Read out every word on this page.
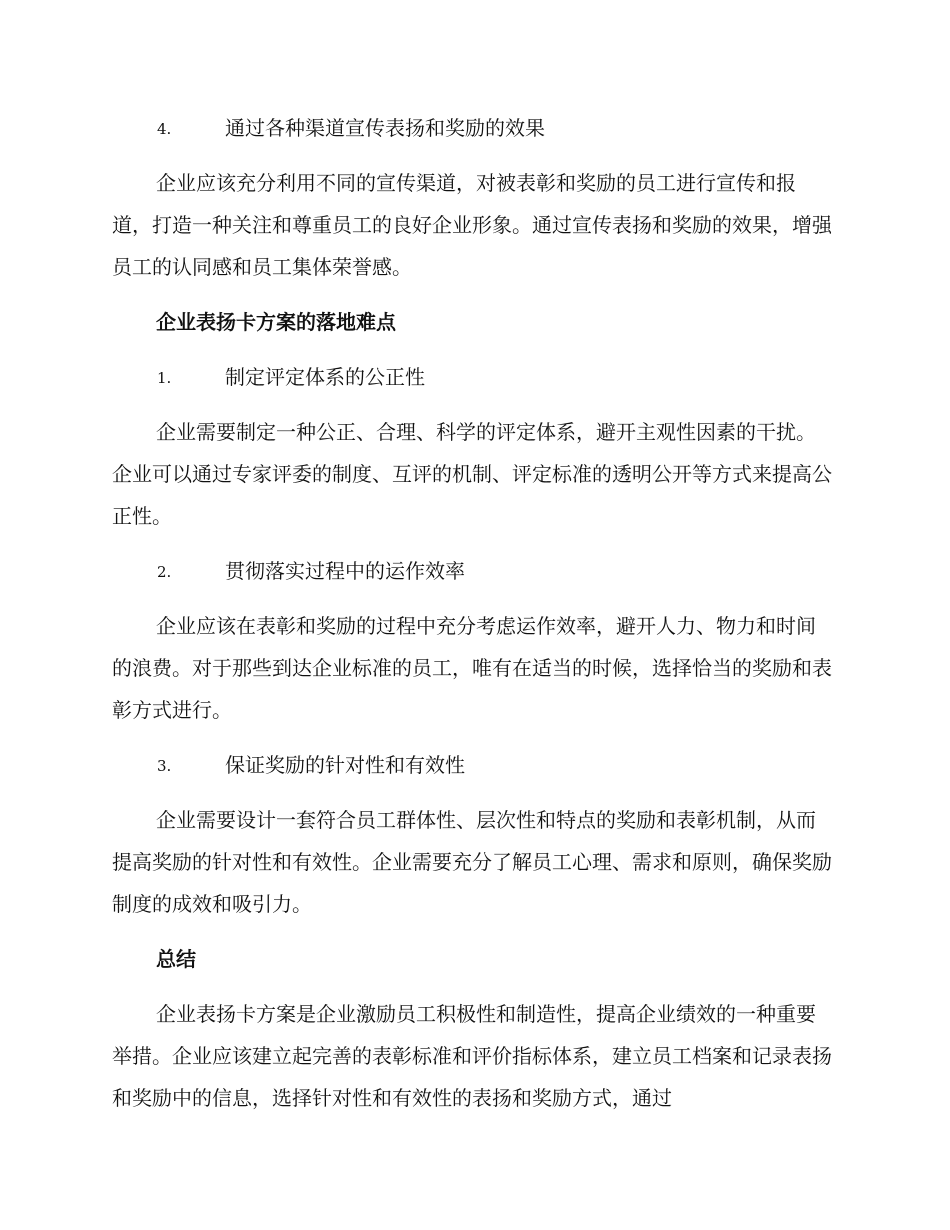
4.	通过各种渠道宣传表扬和奖励的效果
企业应该充分利用不同的宣传渠道，对被表彰和奖励的员工进行宣传和报道，打造一种关注和尊重员工的良好企业形象。通过宣传表扬和奖励的效果，增强员工的认同感和员工集体荣誉感。
企业表扬卡方案的落地难点
1.	制定评定体系的公正性
企业需要制定一种公正、合理、科学的评定体系，避开主观性因素的干扰。企业可以通过专家评委的制度、互评的机制、评定标准的透明公开等方式来提高公正性。
2.	贯彻落实过程中的运作效率
企业应该在表彰和奖励的过程中充分考虑运作效率，避开人力、物力和时间的浪费。对于那些到达企业标准的员工，唯有在适当的时候，选择恰当的奖励和表彰方式进行。
3.	保证奖励的针对性和有效性
企业需要设计一套符合员工群体性、层次性和特点的奖励和表彰机制，从而提高奖励的针对性和有效性。企业需要充分了解员工心理、需求和原则，确保奖励制度的成效和吸引力。
总结
企业表扬卡方案是企业激励员工积极性和制造性，提高企业绩效的一种重要举措。企业应该建立起完善的表彰标准和评价指标体系，建立员工档案和记录表扬和奖励中的信息，选择针对性和有效性的表扬和奖励方式，通过
